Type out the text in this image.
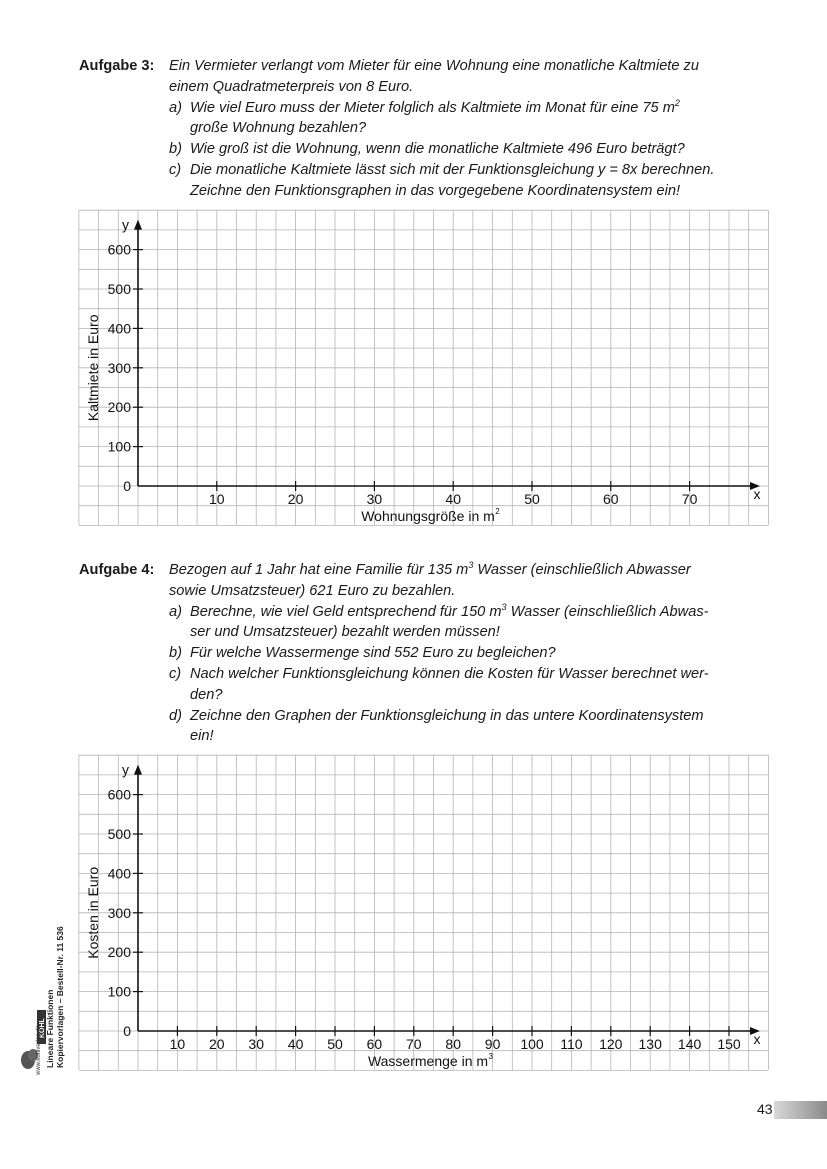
Aufgabe 3: Ein Vermieter verlangt vom Mieter für eine Wohnung eine monatliche Kaltmiete zu
einem Quadratmeterpreis von 8 Euro.
a) Wie viel Euro muss der Mieter folglich als Kaltmiete im Monat für eine 75 $m^2$
große Wohnung bezahlen?
b) Wie groß ist die Wohnung, wenn die monatliche Kaltmiete 496 Euro beträgt?
c) Die monatliche Kaltmiete lässt sich mit der Funktionsgleichung y = 8x berechnen.
Zeichne den Funktionsgraphen in das vorgegebene Koordinatensystem ein!
Aufgabe 4: Bezogen auf 1 Jahr hat eine Familie für 135 $m^3$ Wasser (einschließlich Abwasser
sowie Umsatzsteuer) 621 Euro zu bezahlen.
a) Berechne, wie viel Geld entsprechend für 150 $m^3$ Wasser (einschließlich Abwas-
ser und Umsatzsteuer) bezahlt werden müssen!
b) Für welche Wassermenge sind 552 Euro zu begleichen?
c) Nach welcher Funktionsgleichung können die Kosten für Wasser berechnet wer-
den?
d) Zeichne den Graphen der Funktionsgleichung in das untere Koordinatensystem
ein!
0
100
200
300
400
500
600
10	20	30	40	50	60	70	x
y
Wohnungsgröße in m 2
Kaltmiete in Euro
0
100
200
300
400
500
600
10 20 30 40 50 60 70 80 90 100 110 120 130 140 150 x
y
Wassermenge in m 3
Kosten in Euro
Lineare Funktionen Kopiervorlagen – Bestell-Nr. 11 536
KOHL
www.kohlverlag.de
43
